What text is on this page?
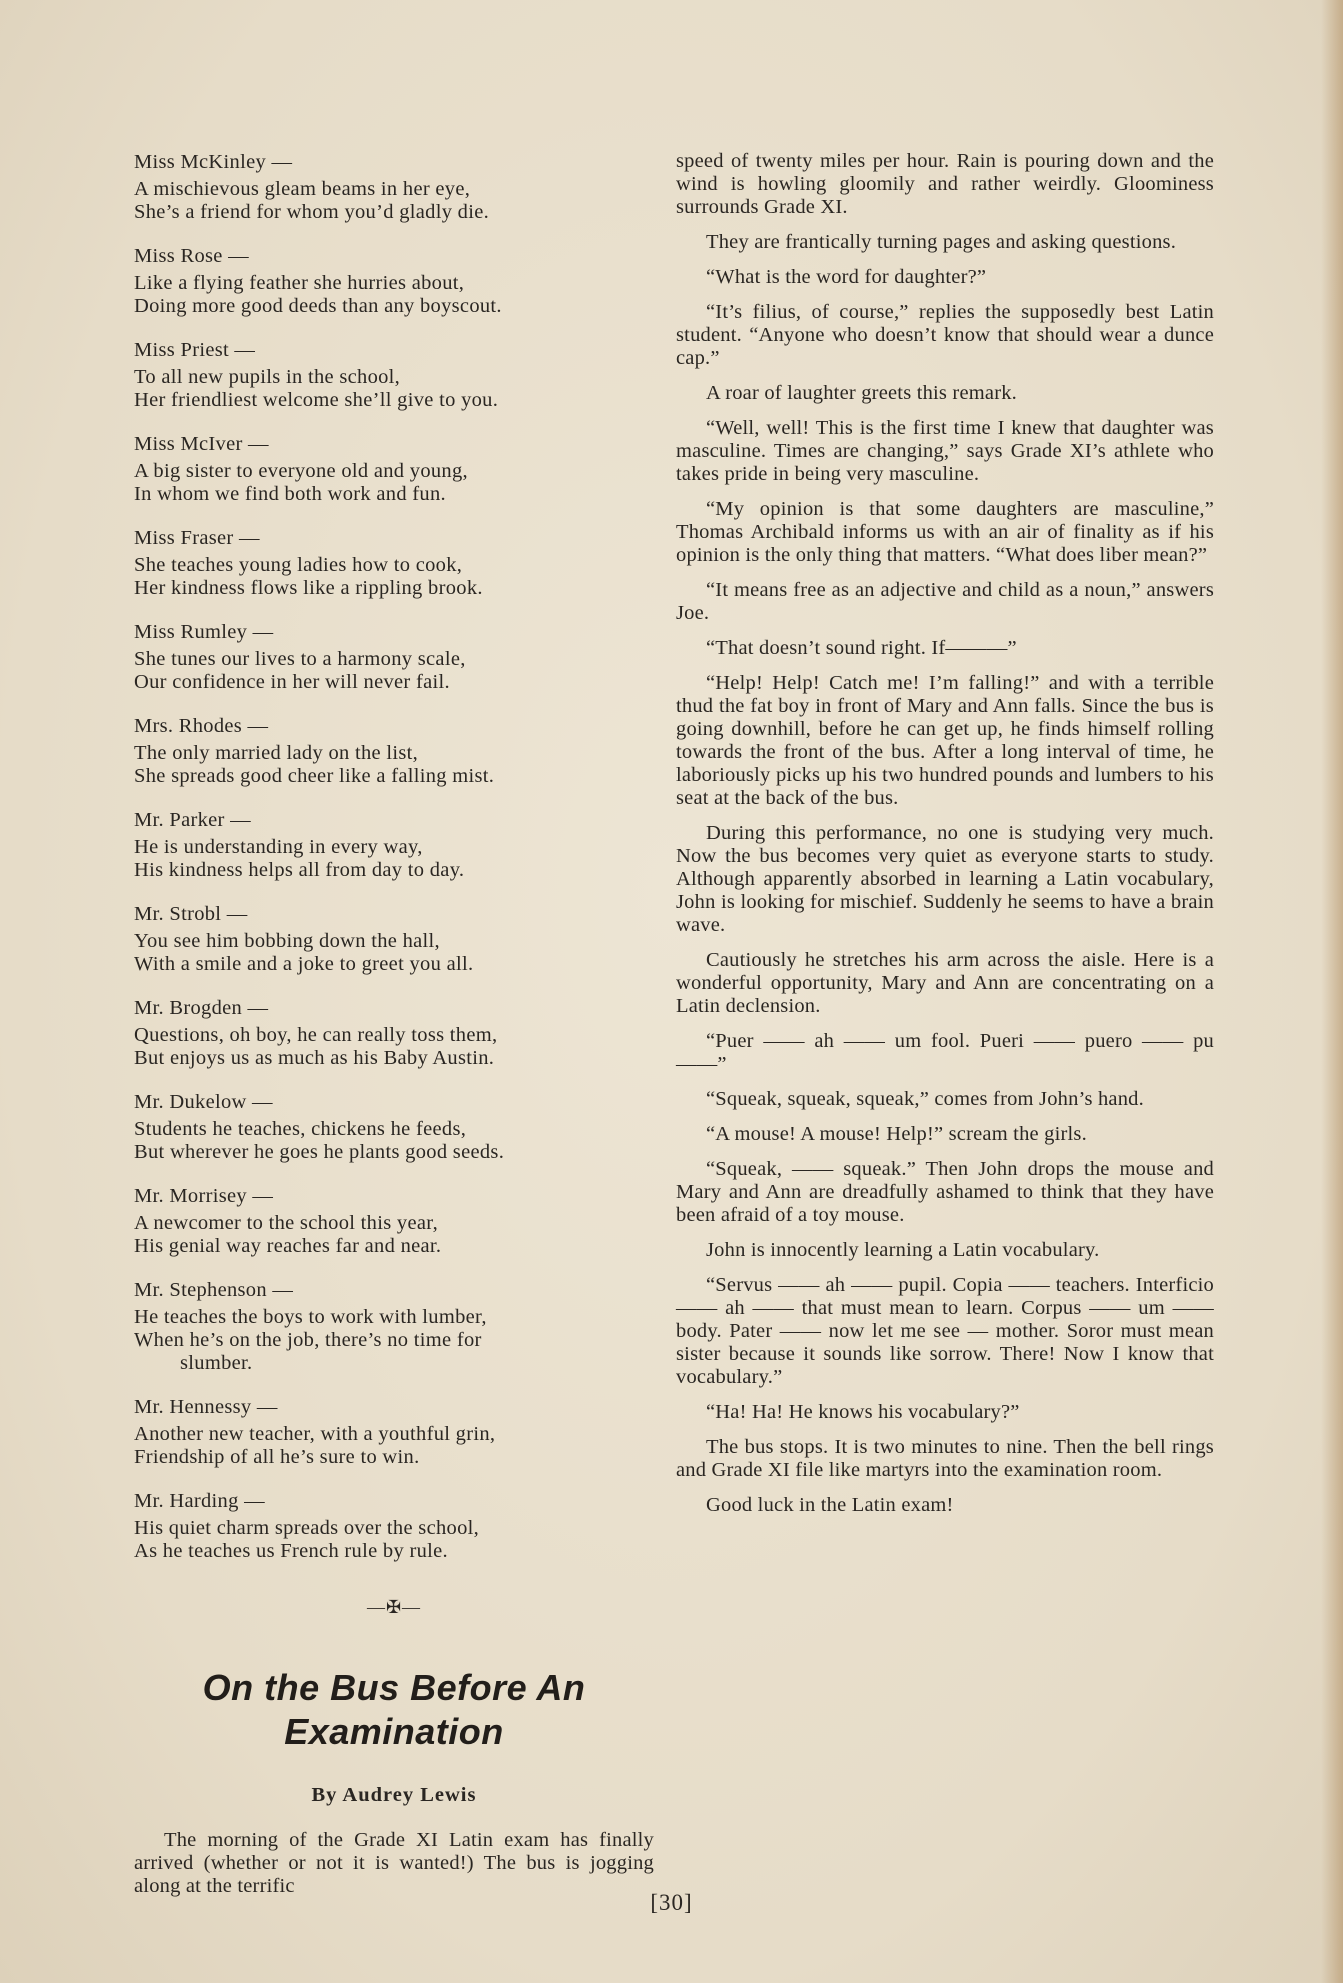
Miss McKinley —
A mischievous gleam beams in her eye,
She’s a friend for whom you’d gladly die.
Miss Rose —
Like a flying feather she hurries about,
Doing more good deeds than any boyscout.
Miss Priest —
To all new pupils in the school,
Her friendliest welcome she’ll give to you.
Miss McIver —
A big sister to everyone old and young,
In whom we find both work and fun.
Miss Fraser —
She teaches young ladies how to cook,
Her kindness flows like a rippling brook.
Miss Rumley —
She tunes our lives to a harmony scale,
Our confidence in her will never fail.
Mrs. Rhodes —
The only married lady on the list,
She spreads good cheer like a falling mist.
Mr. Parker —
He is understanding in every way,
His kindness helps all from day to day.
Mr. Strobl —
You see him bobbing down the hall,
With a smile and a joke to greet you all.
Mr. Brogden —
Questions, oh boy, he can really toss them,
But enjoys us as much as his Baby Austin.
Mr. Dukelow —
Students he teaches, chickens he feeds,
But wherever he goes he plants good seeds.
Mr. Morrisey —
A newcomer to the school this year,
His genial way reaches far and near.
Mr. Stephenson —
He teaches the boys to work with lumber,
When he’s on the job, there’s no time for
slumber.
Mr. Hennessy —
Another new teacher, with a youthful grin,
Friendship of all he’s sure to win.
Mr. Harding —
His quiet charm spreads over the school,
As he teaches us French rule by rule.
—✠—
On the Bus Before An Examination
By Audrey Lewis

The morning of the Grade XI Latin exam has finally arrived (whether or not it is wanted!) The bus is jogging along at the terrific

speed of twenty miles per hour. Rain is pouring down and the wind is howling gloomily and rather weirdly. Gloominess surrounds Grade XI.

They are frantically turning pages and asking questions.

“What is the word for daughter?”

“It’s filius, of course,” replies the supposedly best Latin student. “Anyone who doesn’t know that should wear a dunce cap.”

A roar of laughter greets this remark.

“Well, well! This is the first time I knew that daughter was masculine. Times are changing,” says Grade XI’s athlete who takes pride in being very masculine.

“My opinion is that some daughters are masculine,” Thomas Archibald informs us with an air of finality as if his opinion is the only thing that matters. “What does liber mean?”

“It means free as an adjective and child as a noun,” answers Joe.

“That doesn’t sound right. If———”

“Help! Help! Catch me! I’m falling!” and with a terrible thud the fat boy in front of Mary and Ann falls. Since the bus is going downhill, before he can get up, he finds himself rolling towards the front of the bus. After a long interval of time, he laboriously picks up his two hundred pounds and lumbers to his seat at the back of the bus.

During this performance, no one is studying very much. Now the bus becomes very quiet as everyone starts to study. Although apparently absorbed in learning a Latin vocabulary, John is looking for mischief. Suddenly he seems to have a brain wave.

Cautiously he stretches his arm across the aisle. Here is a wonderful opportunity, Mary and Ann are concentrating on a Latin declension.

“Puer —— ah —— um fool. Pueri —— puero —— pu ——”

“Squeak, squeak, squeak,” comes from John’s hand.

“A mouse! A mouse! Help!” scream the girls.

“Squeak, —— squeak.” Then John drops the mouse and Mary and Ann are dreadfully ashamed to think that they have been afraid of a toy mouse.

John is innocently learning a Latin vocabulary.

“Servus —— ah —— pupil. Copia —— teachers. Interficio —— ah —— that must mean to learn. Corpus —— um —— body. Pater —— now let me see — mother. Soror must mean sister because it sounds like sorrow. There! Now I know that vocabulary.”

“Ha! Ha! He knows his vocabulary?”

The bus stops. It is two minutes to nine. Then the bell rings and Grade XI file like martyrs into the examination room.

Good luck in the Latin exam!

[30]
